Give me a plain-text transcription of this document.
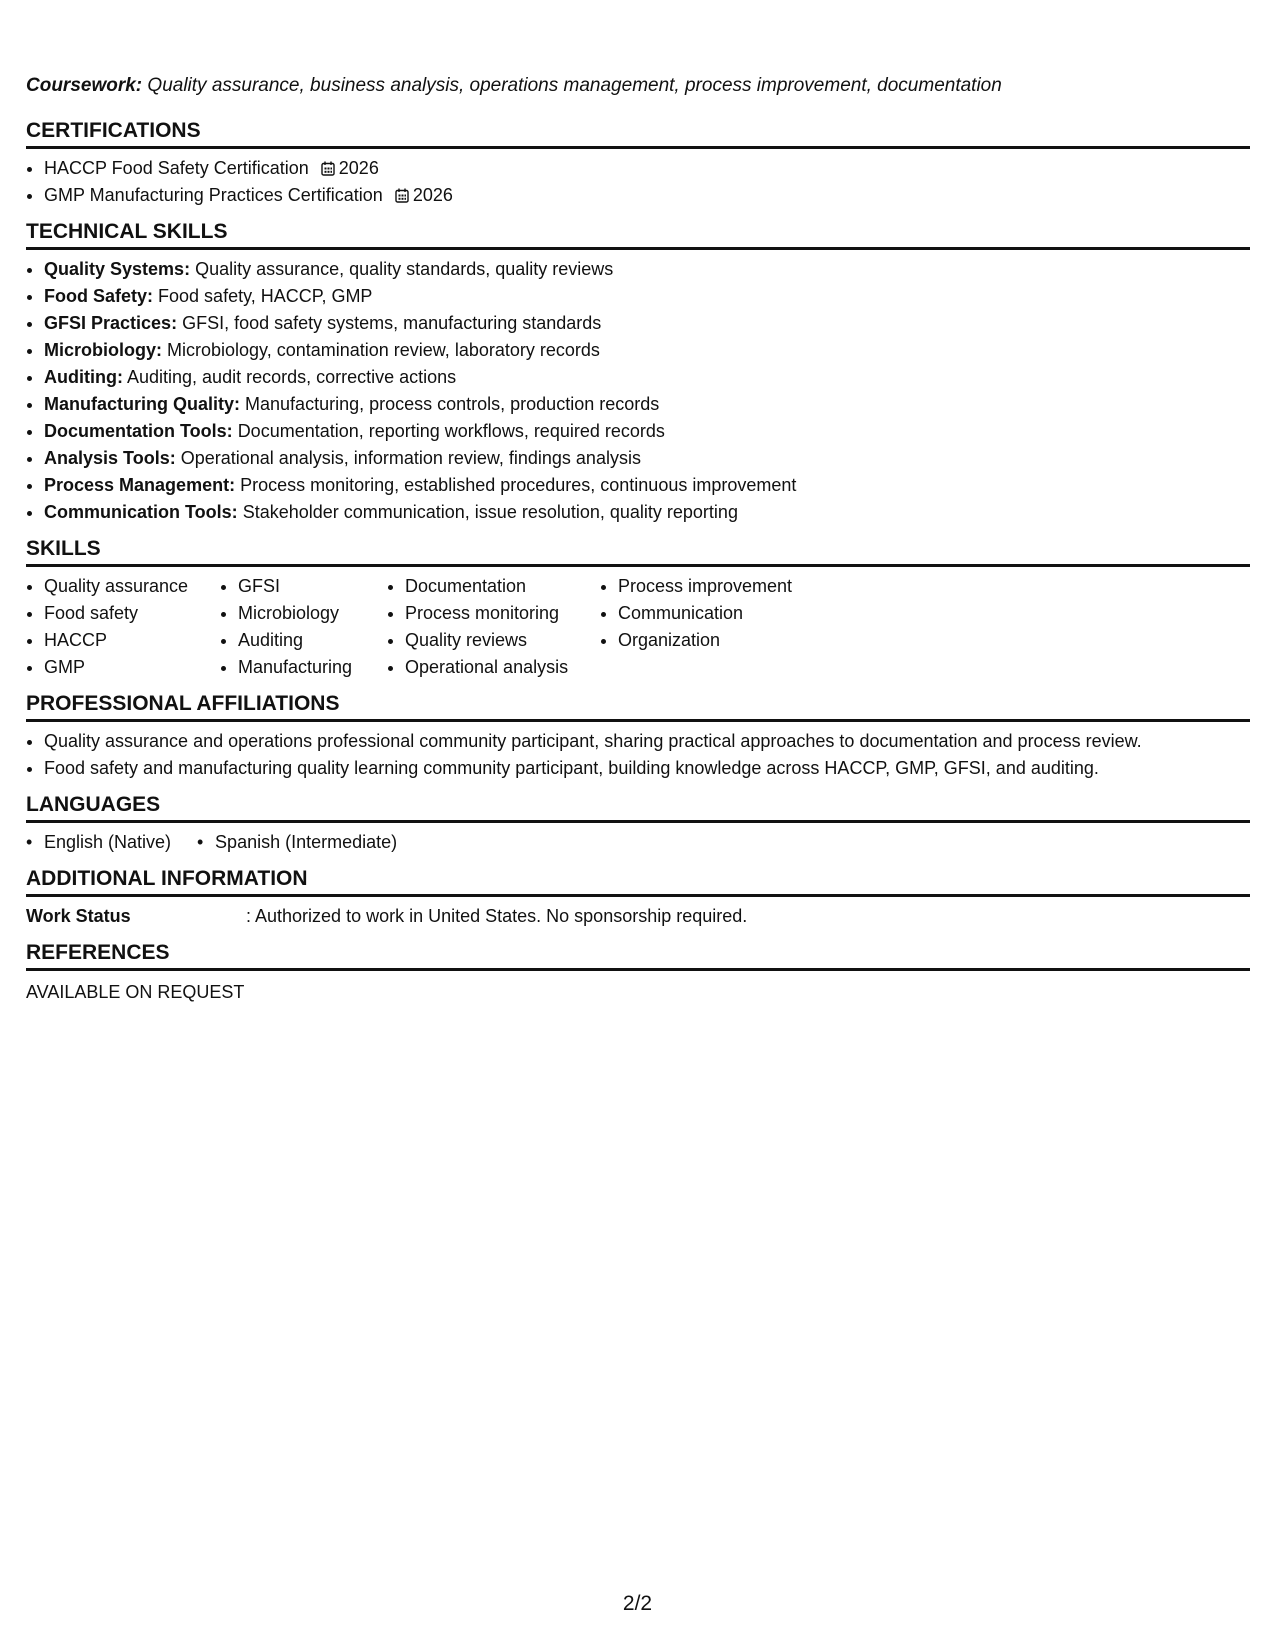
Coursework: Quality assurance, business analysis, operations management, process improvement, documentation

CERTIFICATIONS
• HACCP Food Safety Certification 2026
• GMP Manufacturing Practices Certification 2026
TECHNICAL SKILLS
• Quality Systems: Quality assurance, quality standards, quality reviews
• Food Safety: Food safety, HACCP, GMP
• GFSI Practices: GFSI, food safety systems, manufacturing standards
• Microbiology: Microbiology, contamination review, laboratory records
• Auditing: Auditing, audit records, corrective actions
• Manufacturing Quality: Manufacturing, process controls, production records
• Documentation Tools: Documentation, reporting workflows, required records
• Analysis Tools: Operational analysis, information review, findings analysis
• Process Management: Process monitoring, established procedures, continuous improvement
• Communication Tools: Stakeholder communication, issue resolution, quality reporting
SKILLS
• Quality assurance
• Food safety
• HACCP
• GMP
• GFSI
• Microbiology
• Auditing
• Manufacturing
• Documentation
• Process monitoring
• Quality reviews
• Operational analysis
• Process improvement
• Communication
• Organization
PROFESSIONAL AFFILIATIONS
• Quality assurance and operations professional community participant, sharing practical approaches to documentation and process review.
• Food safety and manufacturing quality learning community participant, building knowledge across HACCP, GMP, GFSI, and auditing.
LANGUAGES
• English (Native)
•	Spanish (Intermediate)
ADDITIONAL INFORMATION
Work Status	: Authorized to work in United States. No sponsorship required.
REFERENCES
AVAILABLE ON REQUEST
2/2
